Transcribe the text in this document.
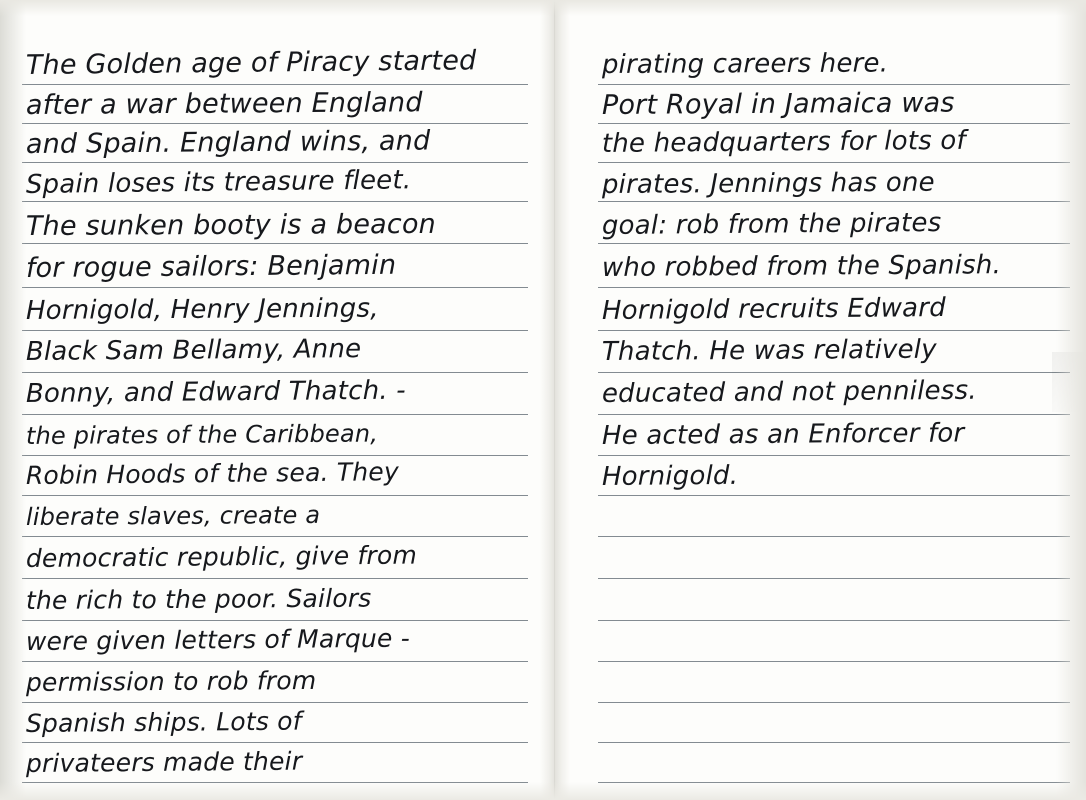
The Golden age of Piracy started
after a war between England
and Spain. England wins, and
Spain loses its treasure fleet.
The sunken booty is a beacon
for rogue sailors: Benjamin
Hornigold, Henry Jennings,
Black Sam Bellamy, Anne
Bonny, and Edward Thatch. -
the pirates of the Caribbean,
Robin Hoods of the sea. They
liberate slaves, create a
democratic republic, give from
the rich to the poor. Sailors
were given letters of Marque -
permission to rob from
Spanish ships. Lots of
privateers made their
pirating careers here.
Port Royal in Jamaica was
the headquarters for lots of
pirates. Jennings has one
goal: rob from the pirates
who robbed from the Spanish.
Hornigold recruits Edward
Thatch. He was relatively
educated and not penniless.
He acted as an Enforcer for
Hornigold.
